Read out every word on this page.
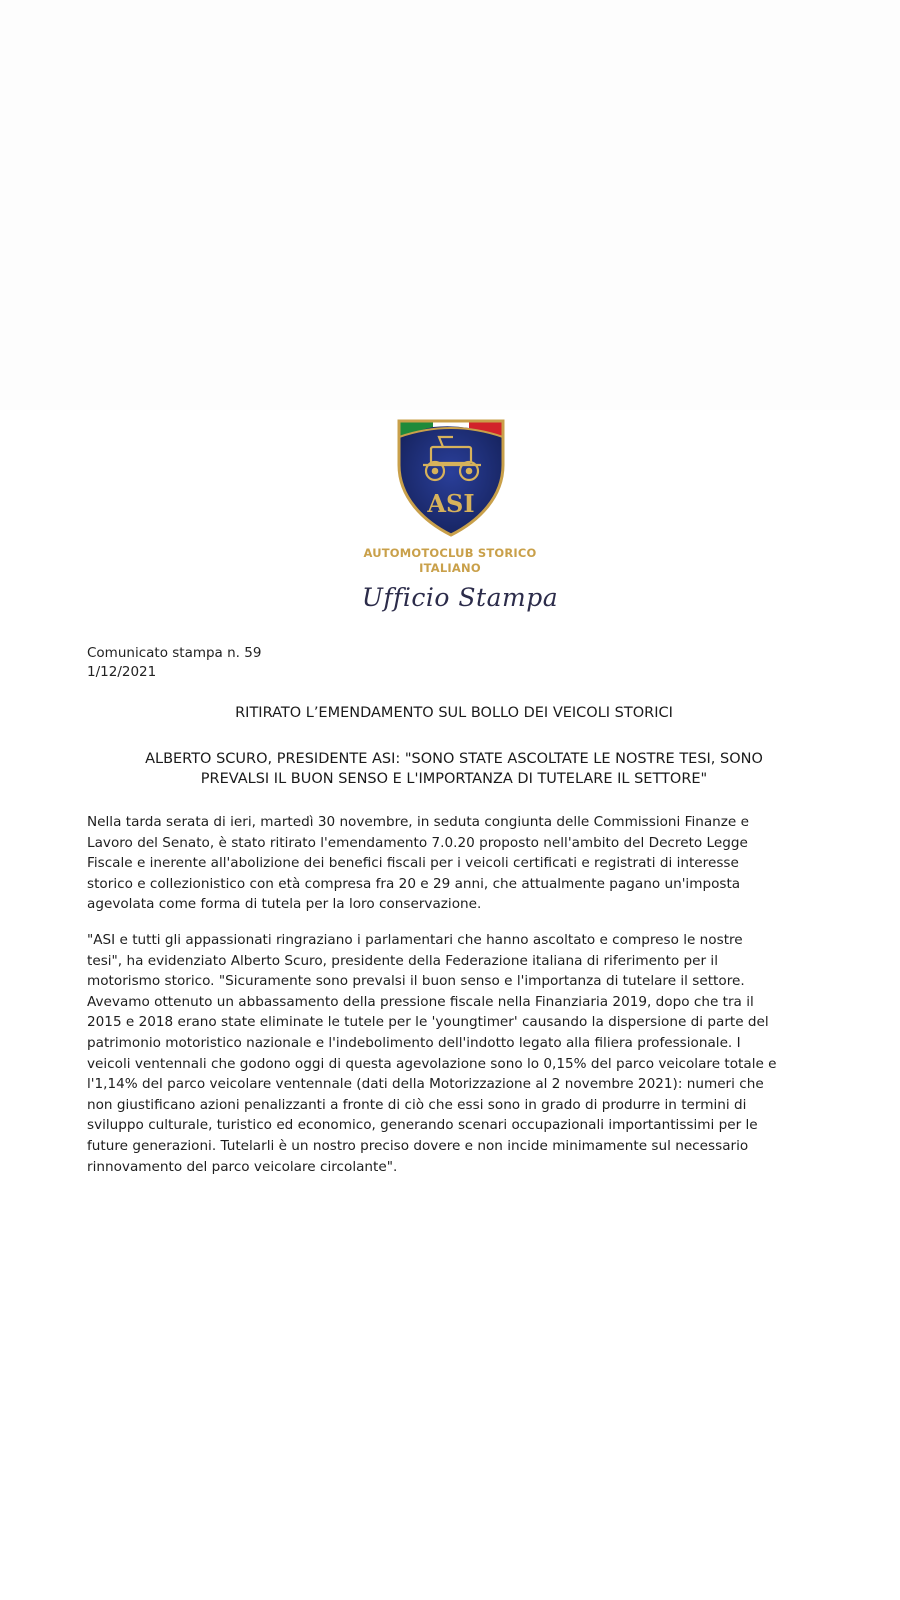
ASI
AUTOMOTOCLUB STORICO
ITALIANO
Ufficio Stampa
Comunicato stampa n. 59
1/12/2021
RITIRATO L’EMENDAMENTO SUL BOLLO DEI VEICOLI STORICI
ALBERTO SCURO, PRESIDENTE ASI: "SONO STATE ASCOLTATE LE NOSTRE TESI, SONO
PREVALSI IL BUON SENSO E L'IMPORTANZA DI TUTELARE IL SETTORE"
Nella tarda serata di ieri, martedì 30 novembre, in seduta congiunta delle Commissioni Finanze e
Lavoro del Senato, è stato ritirato l'emendamento 7.0.20 proposto nell'ambito del Decreto Legge
Fiscale e inerente all'abolizione dei benefici fiscali per i veicoli certificati e registrati di interesse
storico e collezionistico con età compresa fra 20 e 29 anni, che attualmente pagano un'imposta
agevolata come forma di tutela per la loro conservazione.
"ASI e tutti gli appassionati ringraziano i parlamentari che hanno ascoltato e compreso le nostre
tesi", ha evidenziato Alberto Scuro, presidente della Federazione italiana di riferimento per il
motorismo storico. "Sicuramente sono prevalsi il buon senso e l'importanza di tutelare il settore.
Avevamo ottenuto un abbassamento della pressione fiscale nella Finanziaria 2019, dopo che tra il
2015 e 2018 erano state eliminate le tutele per le 'youngtimer' causando la dispersione di parte del
patrimonio motoristico nazionale e l'indebolimento dell'indotto legato alla filiera professionale. I
veicoli ventennali che godono oggi di questa agevolazione sono lo 0,15% del parco veicolare totale e
l'1,14% del parco veicolare ventennale (dati della Motorizzazione al 2 novembre 2021): numeri che
non giustificano azioni penalizzanti a fronte di ciò che essi sono in grado di produrre in termini di
sviluppo culturale, turistico ed economico, generando scenari occupazionali importantissimi per le
future generazioni. Tutelarli è un nostro preciso dovere e non incide minimamente sul necessario
rinnovamento del parco veicolare circolante".
